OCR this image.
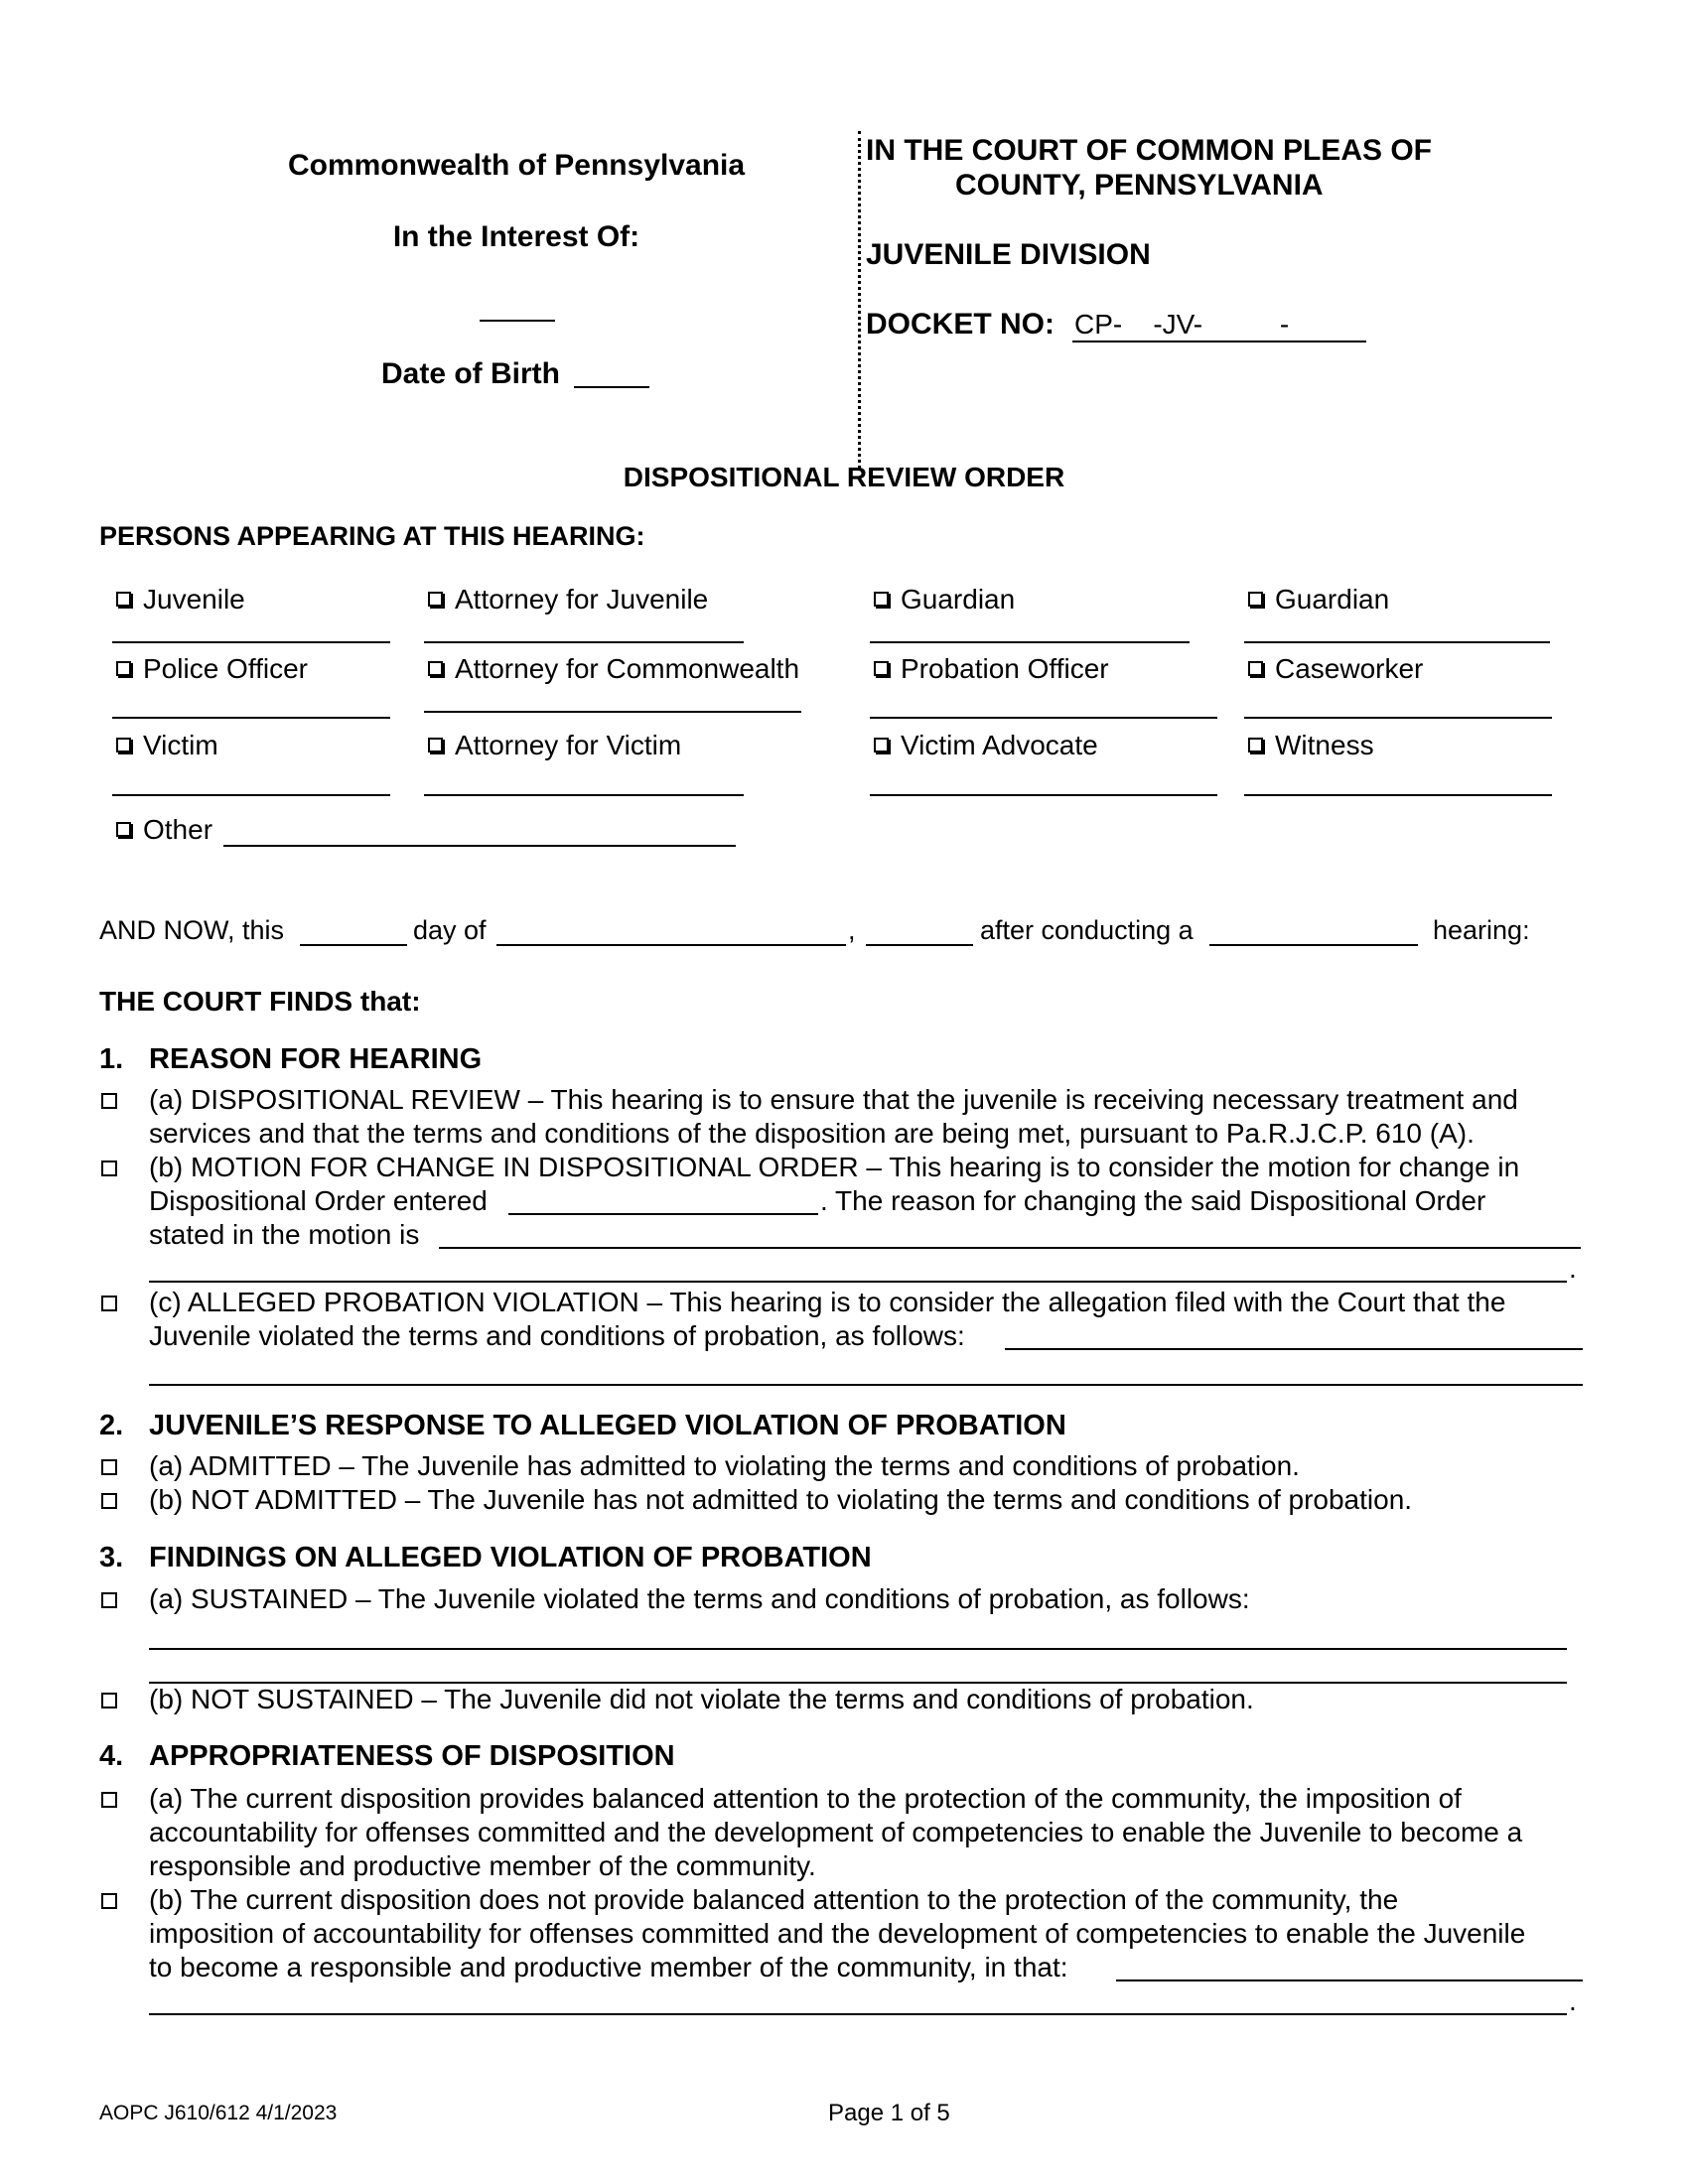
Commonwealth of Pennsylvania
In the Interest Of:
Date of Birth
IN THE COURT OF COMMON PLEAS OF
COUNTY, PENNSYLVANIA
JUVENILE DIVISION
DOCKET NO: CP-    -JV-          -
DISPOSITIONAL REVIEW ORDER
PERSONS APPEARING AT THIS HEARING:
Juvenile	Attorney for Juvenile	Guardian	Guardian
Police Officer	Attorney for Commonwealth	Probation Officer	Caseworker
Victim	Attorney for Victim	Victim Advocate	Witness
Other
AND NOW, this	day of	,	after conducting a	hearing:
THE COURT FINDS that:
1. REASON FOR HEARING
(a) DISPOSITIONAL REVIEW – This hearing is to ensure that the juvenile is receiving necessary treatment and
services and that the terms and conditions of the disposition are being met, pursuant to Pa.R.J.C.P. 610 (A).
(b) MOTION FOR CHANGE IN DISPOSITIONAL ORDER – This hearing is to consider the motion for change in
Dispositional Order entered	. The reason for changing the said Dispositional Order
stated in the motion is
.
(c) ALLEGED PROBATION VIOLATION – This hearing is to consider the allegation filed with the Court that the
Juvenile violated the terms and conditions of probation, as follows:
2. JUVENILE’S RESPONSE TO ALLEGED VIOLATION OF PROBATION
(a) ADMITTED – The Juvenile has admitted to violating the terms and conditions of probation.
(b) NOT ADMITTED – The Juvenile has not admitted to violating the terms and conditions of probation.
3. FINDINGS ON ALLEGED VIOLATION OF PROBATION
(a) SUSTAINED – The Juvenile violated the terms and conditions of probation, as follows:
(b) NOT SUSTAINED – The Juvenile did not violate the terms and conditions of probation.
4. APPROPRIATENESS OF DISPOSITION
(a) The current disposition provides balanced attention to the protection of the community, the imposition of
accountability for offenses committed and the development of competencies to enable the Juvenile to become a
responsible and productive member of the community.
(b) The current disposition does not provide balanced attention to the protection of the community, the
imposition of accountability for offenses committed and the development of competencies to enable the Juvenile
to become a responsible and productive member of the community, in that:
.
AOPC J610/612 4/1/2023	Page 1 of 5
